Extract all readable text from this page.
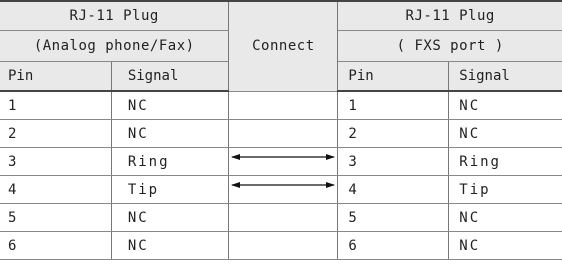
RJ-11 Plug		Connect	RJ-11 Plug	
(Analog phone/Fax)			( FXS port )	
Pin	Signal		Pin	Signal
1	NC		1	NC
2	NC		2	NC
3	Ring		3	Ring
4	Tip		4	Tip
5	NC		5	NC
6	NC		6	NC
